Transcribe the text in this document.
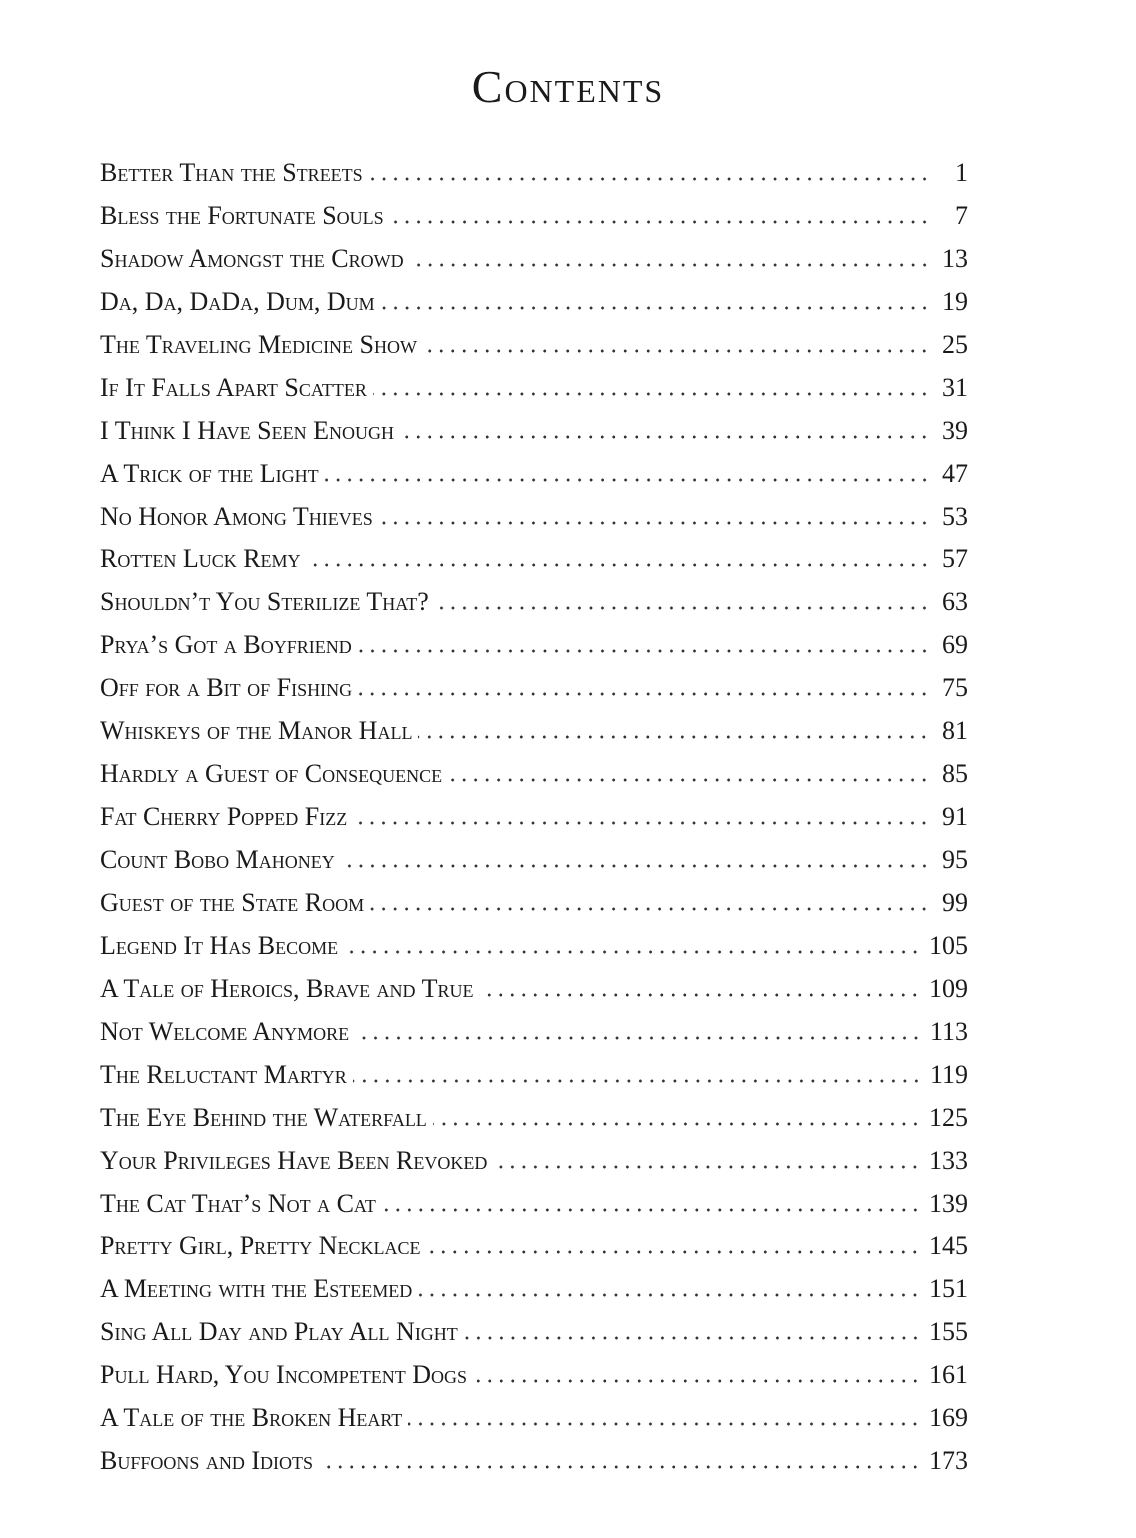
Contents
Better Than the Streets	1
Bless the Fortunate Souls	7
Shadow Amongst the Crowd	13
Da, Da, DaDa, Dum, Dum	19
The Traveling Medicine Show	25
If It Falls Apart Scatter	31
I Think I Have Seen Enough	39
A Trick of the Light	47
No Honor Among Thieves	53
Rotten Luck Remy	57
Shouldn’t You Sterilize That?	63
Prya’s Got a Boyfriend	69
Off for a Bit of Fishing	75
Whiskeys of the Manor Hall	81
Hardly a Guest of Consequence	85
Fat Cherry Popped Fizz	91
Count Bobo Mahoney	95
Guest of the State Room	99
Legend It Has Become	105
A Tale of Heroics, Brave and True	109
Not Welcome Anymore	113
The Reluctant Martyr	119
The Eye Behind the Waterfall	125
Your Privileges Have Been Revoked	133
The Cat That’s Not a Cat	139
Pretty Girl, Pretty Necklace	145
A Meeting with the Esteemed	151
Sing All Day and Play All Night	155
Pull Hard, You Incompetent Dogs	161
A Tale of the Broken Heart	169
Buffoons and Idiots	173
